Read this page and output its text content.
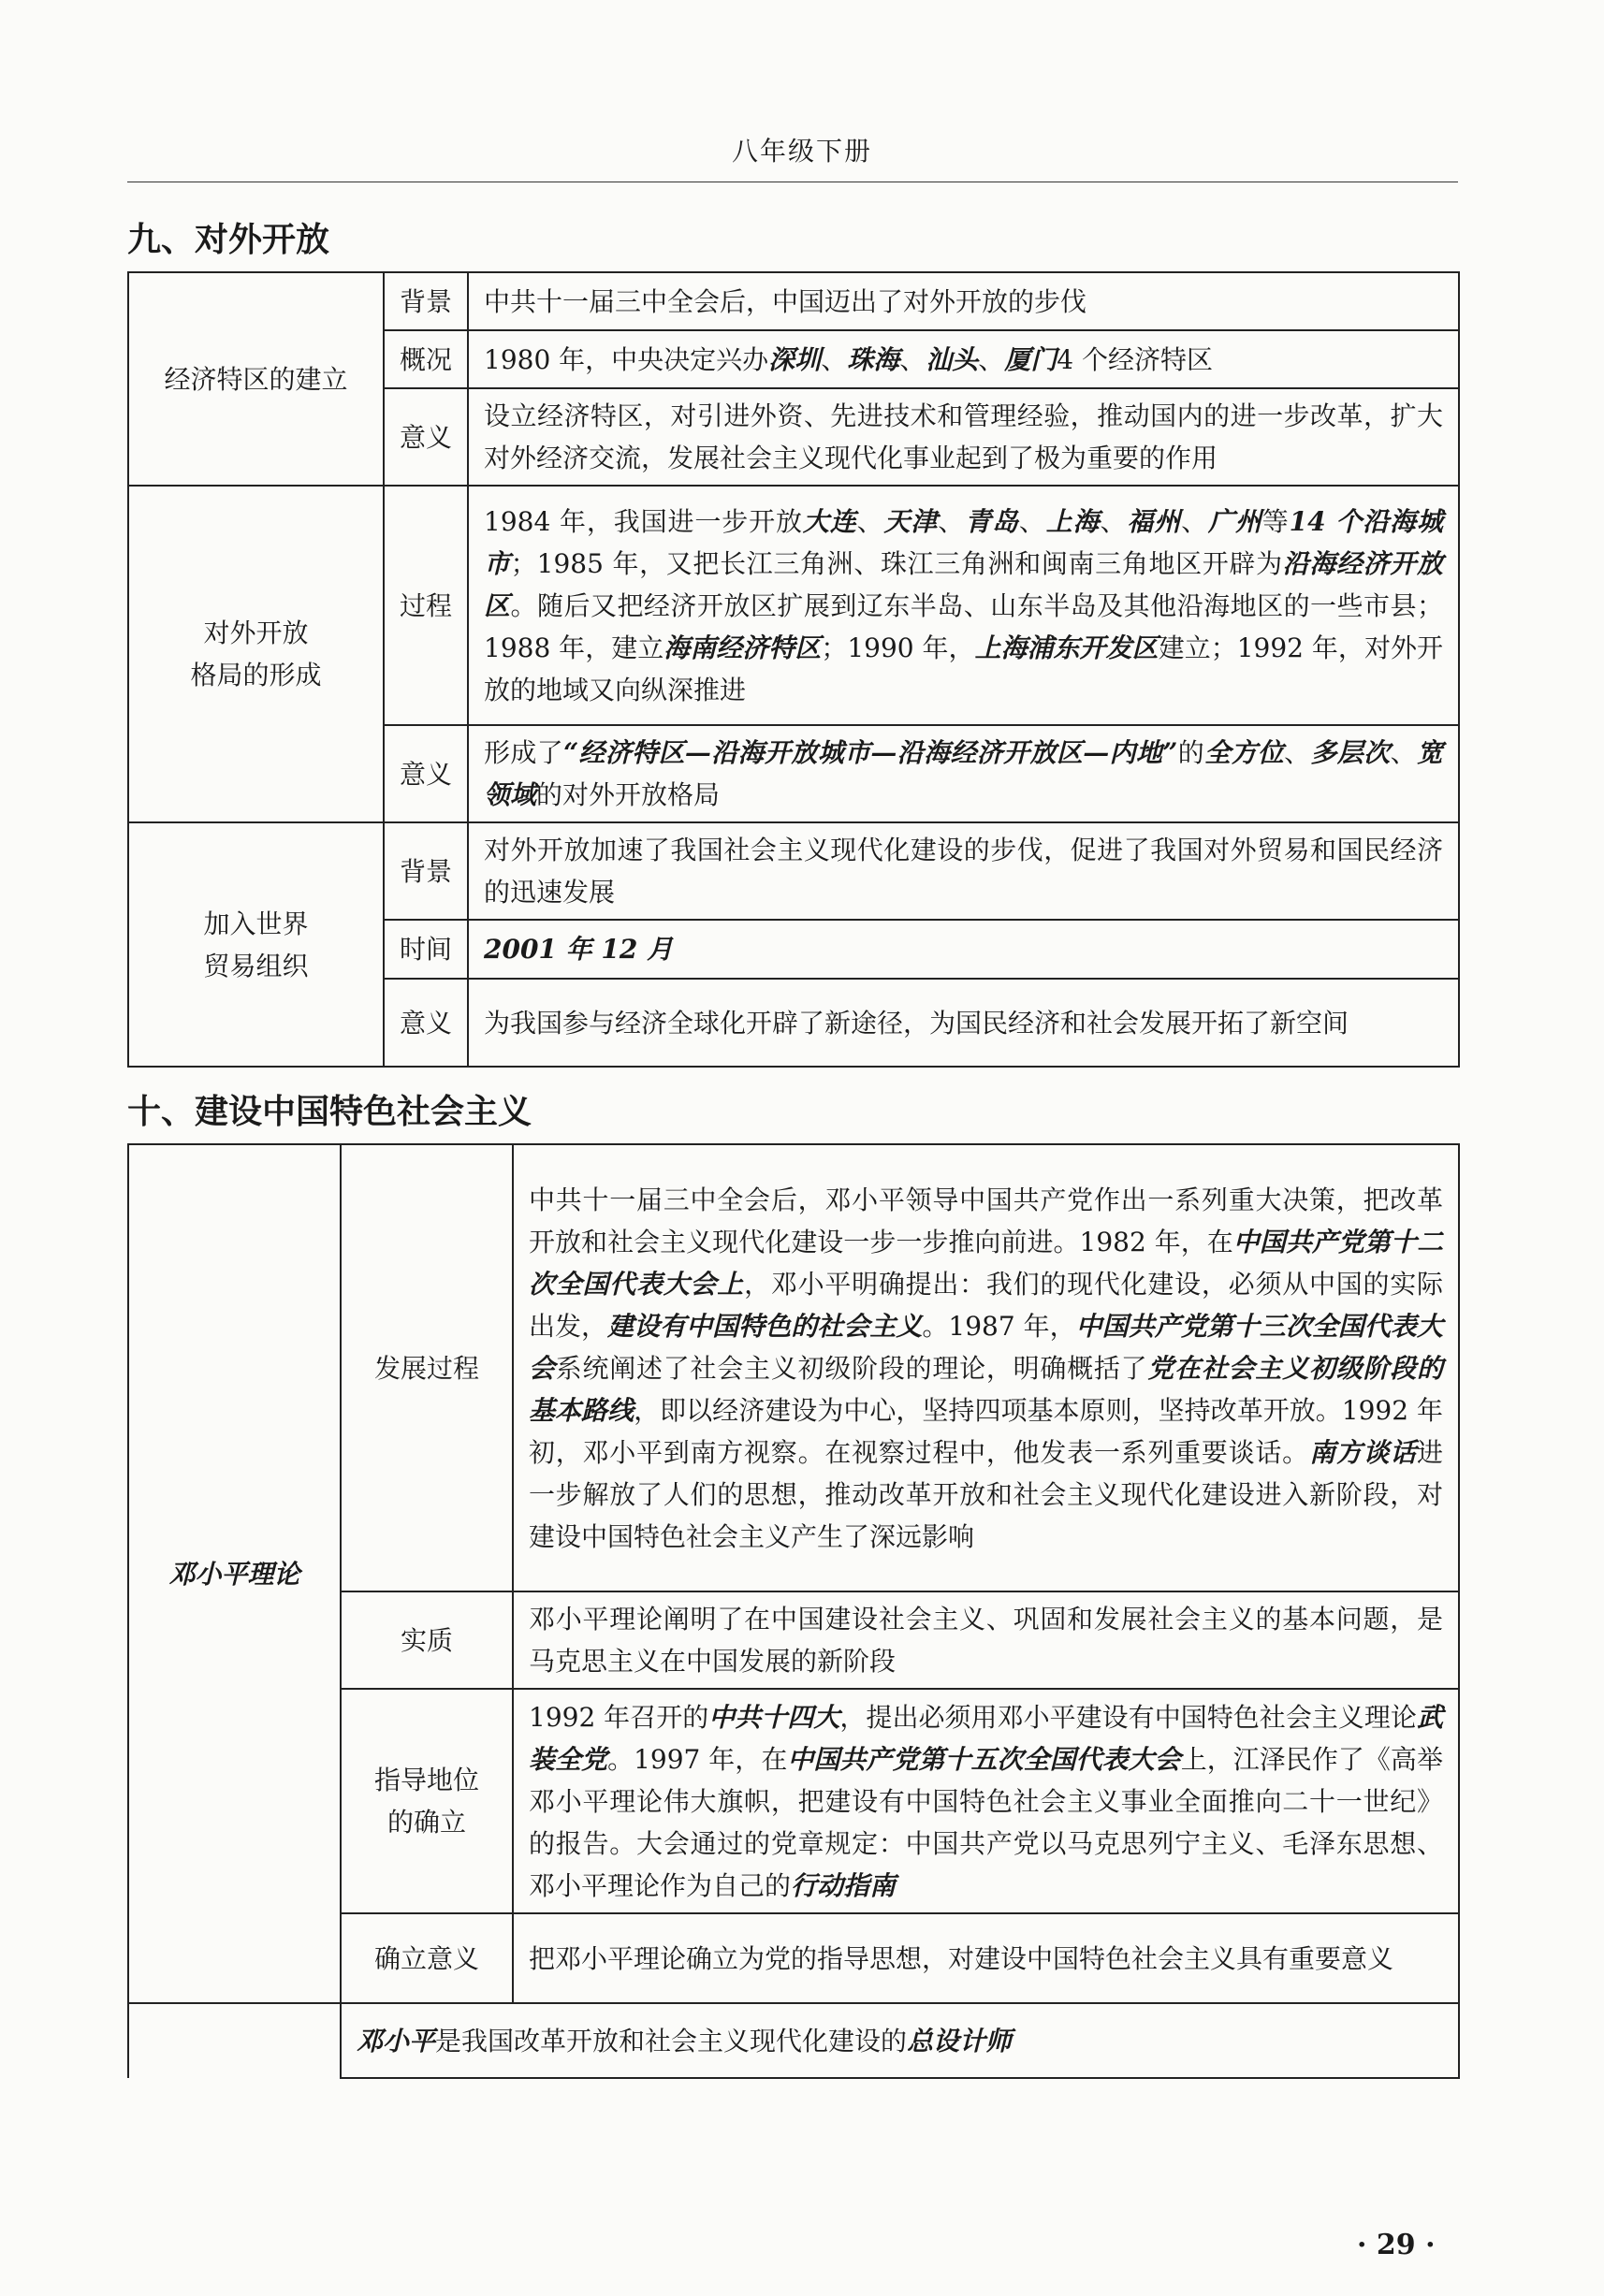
八年级下册
九、对外开放
经济特区的建立	背景	中共十一届三中全会后，中国迈出了对外开放的步伐
	概况	1980 年，中央决定兴办深圳、珠海、汕头、厦门4 个经济特区
	意义	设立经济特区，对引进外资、先进技术和管理经验，推动国内的进一步改革，扩大对外经济交流，发展社会主义现代化事业起到了极为重要的作用
对外开放
格局的形成	过程	1984 年，我国进一步开放大连、天津、青岛、上海、福州、广州等14 个沿海城市；1985 年，又把长江三角洲、珠江三角洲和闽南三角地区开辟为沿海经济开放区。随后又把经济开放区扩展到辽东半岛、山东半岛及其他沿海地区的一些市县；1988 年，建立海南经济特区；1990 年，上海浦东开发区建立；1992 年，对外开放的地域又向纵深推进
	意义	形成了“经济特区—沿海开放城市—沿海经济开放区—内地”的全方位、多层次、宽领域的对外开放格局
加入世界
贸易组织	背景	对外开放加速了我国社会主义现代化建设的步伐，促进了我国对外贸易和国民经济的迅速发展
	时间	2001 年 12 月
	意义	为我国参与经济全球化开辟了新途径，为国民经济和社会发展开拓了新空间
十、建设中国特色社会主义
邓小平理论	发展过程	中共十一届三中全会后，邓小平领导中国共产党作出一系列重大决策，把改革开放和社会主义现代化建设一步一步推向前进。1982 年，在中国共产党第十二次全国代表大会上，邓小平明确提出：我们的现代化建设，必须从中国的实际出发，建设有中国特色的社会主义。1987 年，中国共产党第十三次全国代表大会系统阐述了社会主义初级阶段的理论，明确概括了党在社会主义初级阶段的基本路线，即以经济建设为中心，坚持四项基本原则，坚持改革开放。1992 年初，邓小平到南方视察。在视察过程中，他发表一系列重要谈话。南方谈话进一步解放了人们的思想，推动改革开放和社会主义现代化建设进入新阶段，对建设中国特色社会主义产生了深远影响
	实质	邓小平理论阐明了在中国建设社会主义、巩固和发展社会主义的基本问题，是马克思主义在中国发展的新阶段
	指导地位
的确立	1992 年召开的中共十四大，提出必须用邓小平建设有中国特色社会主义理论武装全党。1997 年，在中国共产党第十五次全国代表大会上，江泽民作了《高举邓小平理论伟大旗帜，把建设有中国特色社会主义事业全面推向二十一世纪》的报告。大会通过的党章规定：中国共产党以马克思列宁主义、毛泽东思想、邓小平理论作为自己的行动指南
	确立意义	把邓小平理论确立为党的指导思想，对建设中国特色社会主义具有重要意义
	邓小平是我国改革开放和社会主义现代化建设的总设计师	
· 29 ·
